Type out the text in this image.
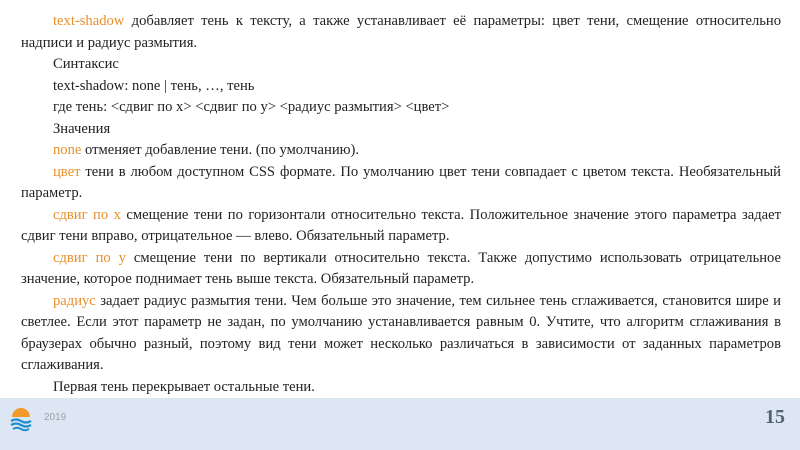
text-shadow добавляет тень к тексту, а также устанавливает её параметры: цвет тени, смещение относительно надписи и радиус размытия.

Синтаксис

text-shadow: none | тень, …, тень

где тень: <сдвиг по x> <сдвиг по y> <радиус размытия> <цвет>

Значения

none отменяет добавление тени. (по умолчанию).

цвет тени в любом доступном CSS формате. По умолчанию цвет тени совпадает с цветом текста. Необязательный параметр.

сдвиг по x смещение тени по горизонтали относительно текста. Положительное значение этого параметра задает сдвиг тени вправо, отрицательное — влево. Обязательный параметр.

сдвиг по y смещение тени по вертикали относительно текста. Также допустимо использовать отрицательное значение, которое поднимает тень выше текста. Обязательный параметр.

радиус задает радиус размытия тени. Чем больше это значение, тем сильнее тень сглаживается, становится шире и светлее. Если этот параметр не задан, по умолчанию устанавливается равным 0. Учтите, что алгоритм сглаживания в браузерах обычно разный, поэтому вид тени может несколько различаться в зависимости от заданных параметров сглаживания.

Первая тень перекрывает остальные тени.

2019	15
